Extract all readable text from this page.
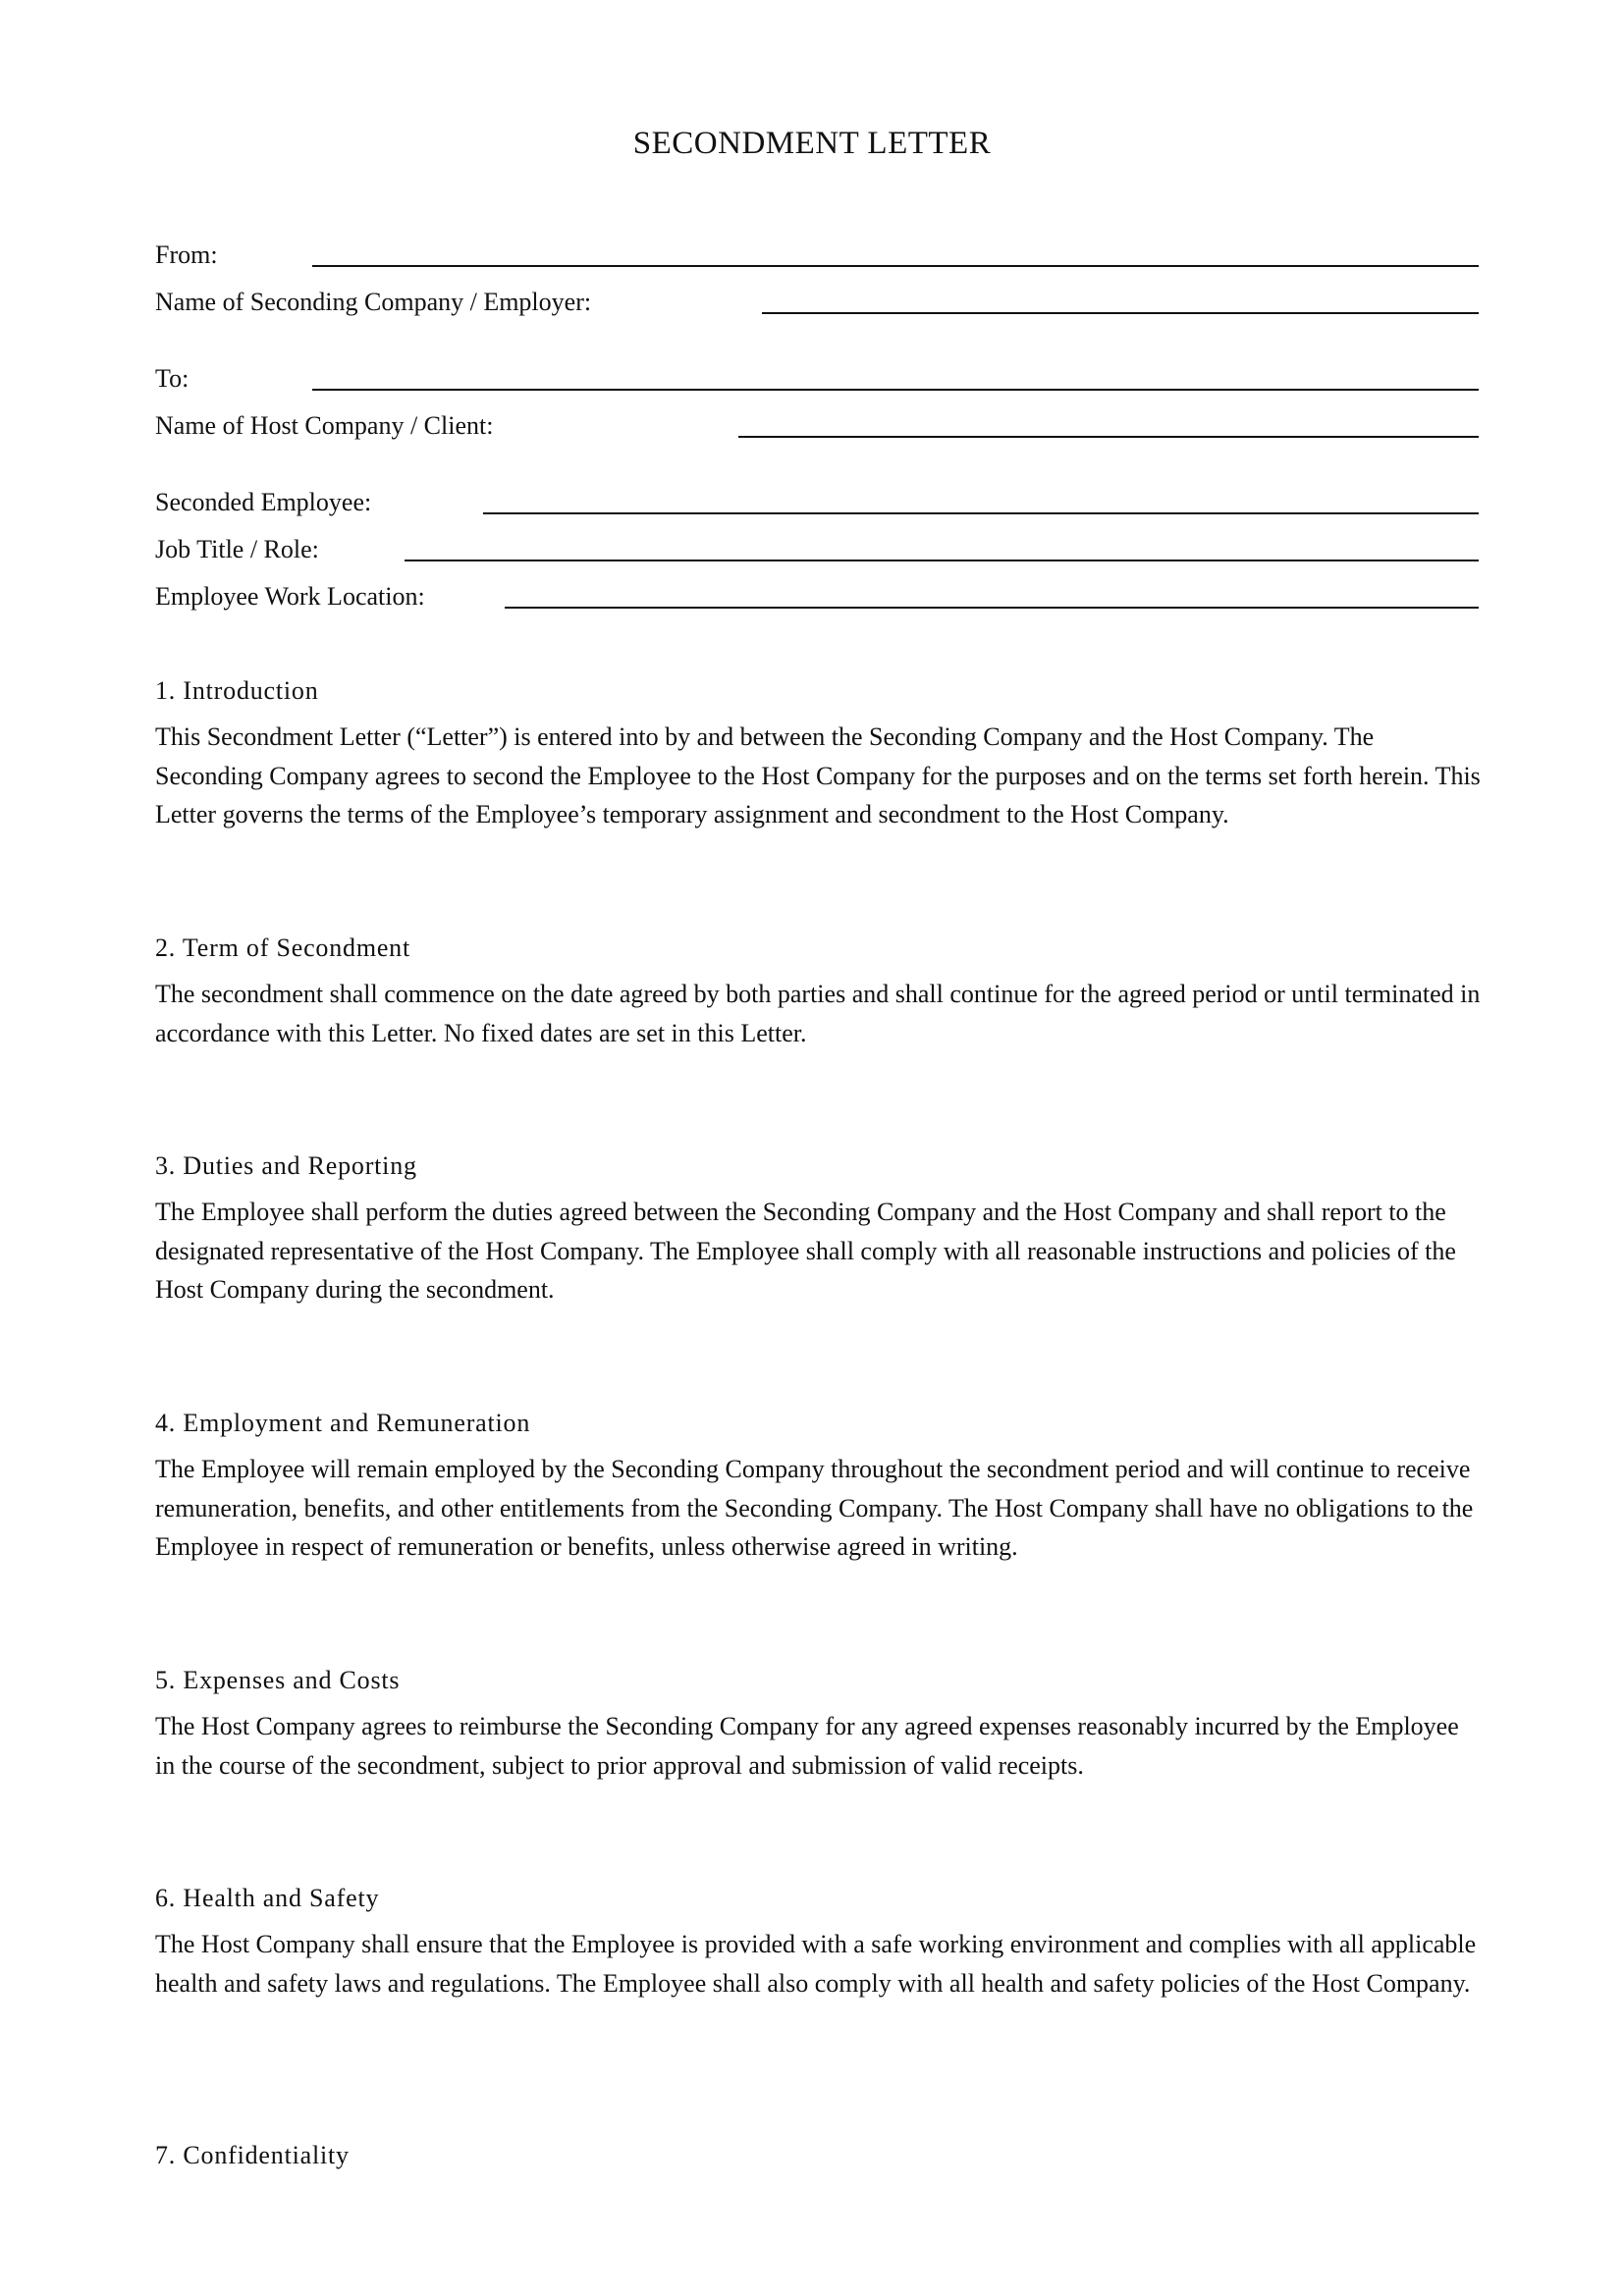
SECONDMENT LETTER
From:
Name of Seconding Company / Employer:
To:
Name of Host Company / Client:
Seconded Employee:
Job Title / Role:
Employee Work Location:
1. Introduction

This Secondment Letter (“Letter”) is entered into by and between the Seconding Company and the Host Company. The Seconding Company agrees to second the Employee to the Host Company for the purposes and on the terms set forth herein. This Letter governs the terms of the Employee’s temporary assignment and secondment to the Host Company.

2. Term of Secondment

The secondment shall commence on the date agreed by both parties and shall continue for the agreed period or until terminated in accordance with this Letter. No fixed dates are set in this Letter.

3. Duties and Reporting

The Employee shall perform the duties agreed between the Seconding Company and the Host Company and shall report to the designated representative of the Host Company. The Employee shall comply with all reasonable instructions and policies of the Host Company during the secondment.

4. Employment and Remuneration

The Employee will remain employed by the Seconding Company throughout the secondment period and will continue to receive remuneration, benefits, and other entitlements from the Seconding Company. The Host Company shall have no obligations to the Employee in respect of remuneration or benefits, unless otherwise agreed in writing.

5. Expenses and Costs

The Host Company agrees to reimburse the Seconding Company for any agreed expenses reasonably incurred by the Employee in the course of the secondment, subject to prior approval and submission of valid receipts.

6. Health and Safety

The Host Company shall ensure that the Employee is provided with a safe working environment and complies with all applicable health and safety laws and regulations. The Employee shall also comply with all health and safety policies of the Host Company.

7. Confidentiality
